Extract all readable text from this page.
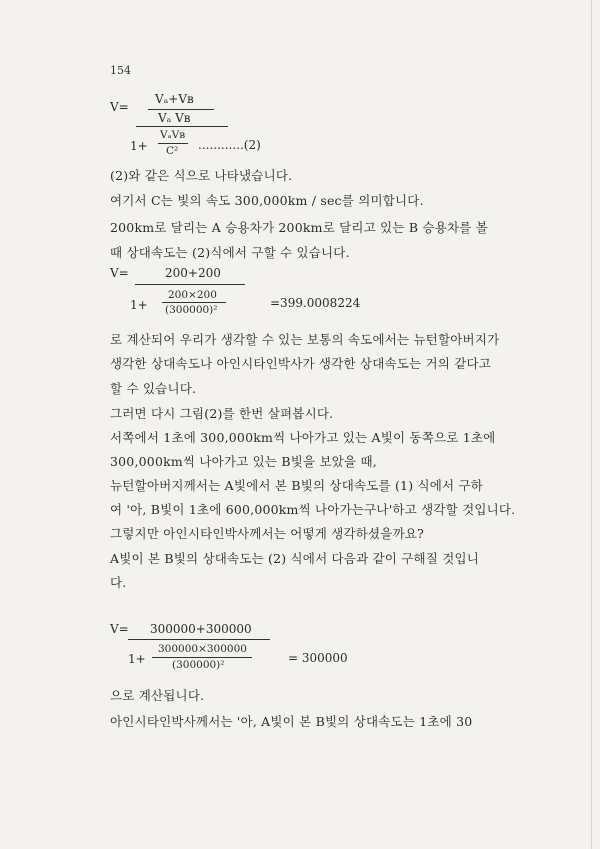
154
V=
Vₐ+Vʙ
Vₐ Vʙ
1+
VₐVʙ
C² ............(2)
(2)와 같은 식으로 나타냈습니다.
여기서 C는 빛의 속도 300,000km / sec를 의미합니다.
200km로 달리는 A 승용차가 200km로 달리고 있는 B 승용차를 볼
때 상대속도는 (2)식에서 구할 수 있습니다.
V=	200+200
1+
200×200
(300000)²	=399.0008224
로 계산되어 우리가 생각할 수 있는 보통의 속도에서는 뉴턴할아버지가
생각한 상대속도나 아인시타인박사가 생각한 상대속도는 거의 같다고
할 수 있습니다.
그러면 다시 그림(2)를 한번 살펴봅시다.
서쪽에서 1초에 300,000km씩 나아가고 있는 A빛이 동쪽으로 1초에
300,000km씩 나아가고 있는 B빛을 보았을 때,
뉴턴할아버지께서는 A빛에서 본 B빛의 상대속도를 (1) 식에서 구하
여 '아, B빛이 1초에 600,000km씩 나아가는구나'하고 생각할 것입니다.
그렇지만 아인시타인박사께서는 어떻게 생각하셨을까요?
A빛이 본 B빛의 상대속도는 (2) 식에서 다음과 같이 구해질 것입니
다.
V= 300000+300000
1+
300000×300000
(300000)²	= 300000
으로 계산됩니다.
아인시타인박사께서는 '아, A빛이 본 B빛의 상대속도는 1초에 30
